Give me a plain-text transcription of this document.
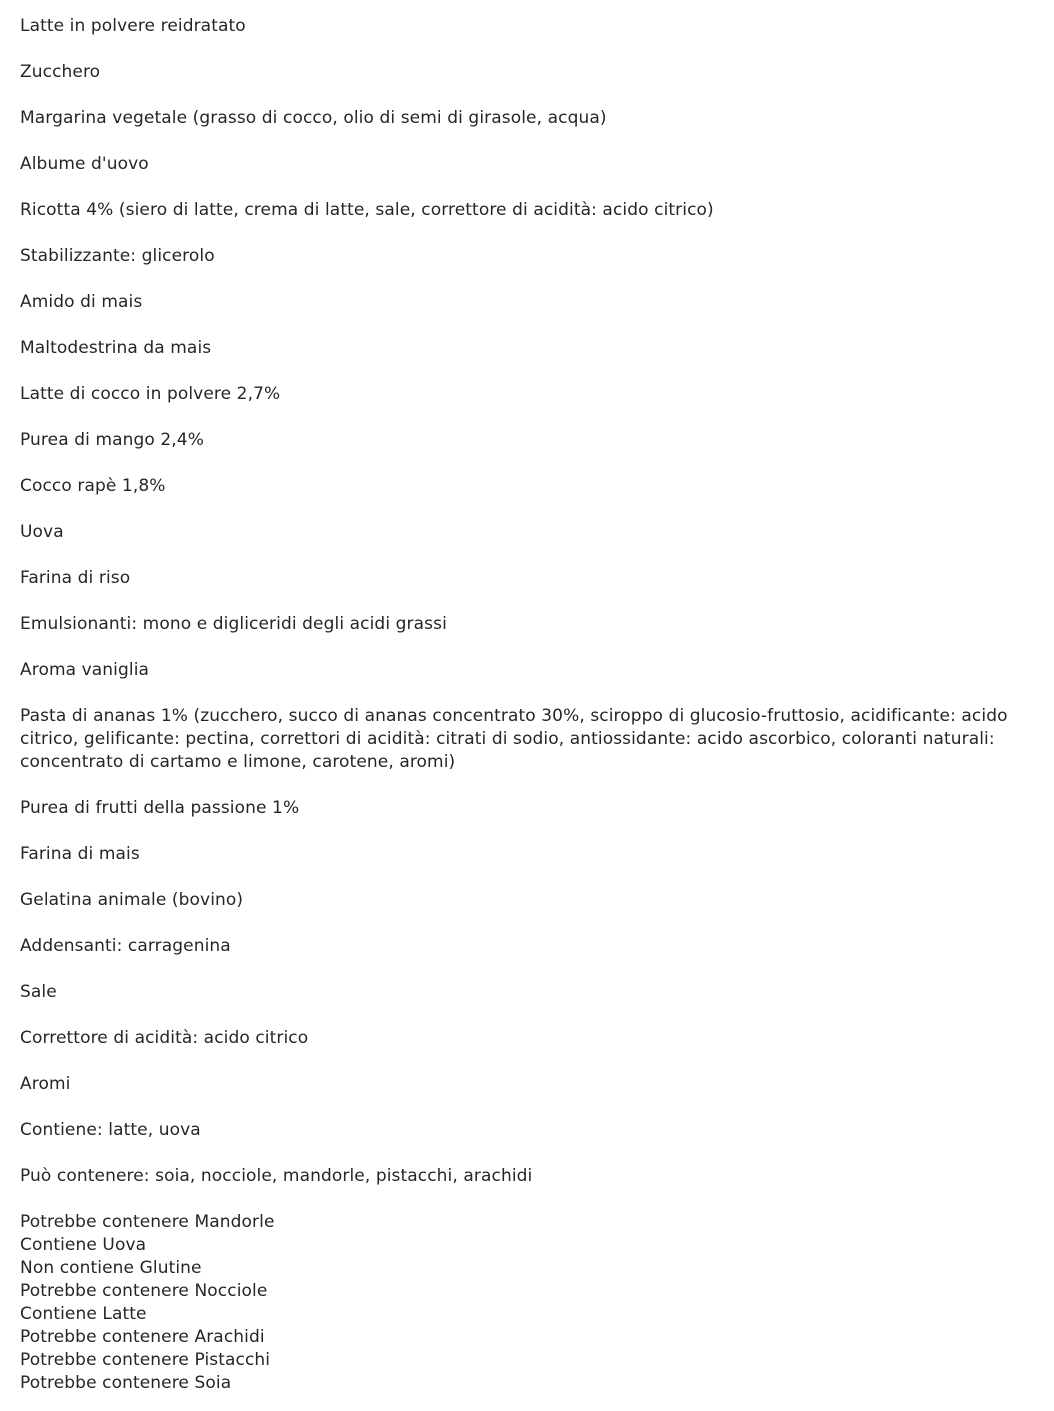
Latte in polvere reidratato

Zucchero

Margarina vegetale (grasso di cocco, olio di semi di girasole, acqua)

Albume d'uovo

Ricotta 4% (siero di latte, crema di latte, sale, correttore di acidità: acido citrico)

Stabilizzante: glicerolo

Amido di mais

Maltodestrina da mais

Latte di cocco in polvere 2,7%

Purea di mango 2,4%

Cocco rapè 1,8%

Uova

Farina di riso

Emulsionanti: mono e digliceridi degli acidi grassi

Aroma vaniglia

Pasta di ananas 1% (zucchero, succo di ananas concentrato 30%, sciroppo di glucosio-fruttosio, acidificante: acido citrico, gelificante: pectina, correttori di acidità: citrati di sodio, antiossidante: acido ascorbico, coloranti naturali: concentrato di cartamo e limone, carotene, aromi)

Purea di frutti della passione 1%

Farina di mais

Gelatina animale (bovino)

Addensanti: carragenina

Sale

Correttore di acidità: acido citrico

Aromi

Contiene: latte, uova

Può contenere: soia, nocciole, mandorle, pistacchi, arachidi

Potrebbe contenere Mandorle
Contiene Uova
Non contiene Glutine
Potrebbe contenere Nocciole
Contiene Latte
Potrebbe contenere Arachidi
Potrebbe contenere Pistacchi
Potrebbe contenere Soia
